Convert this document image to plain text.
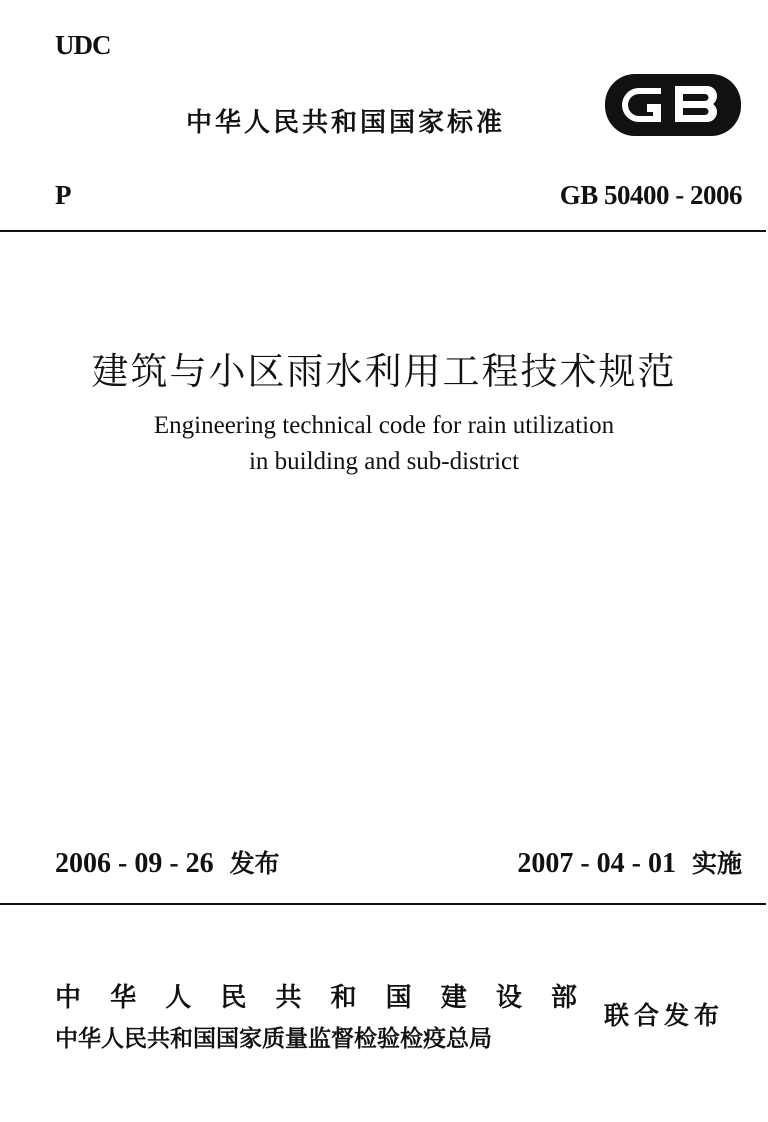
UDC
中华人民共和国国家标准
P	GB 50400 - 2006
建筑与小区雨水利用工程技术规范
Engineering technical code for rain utilization
in building and sub-district
2006 - 09 - 26 发布	2007 - 04 - 01 实施
中 华 人 民 共 和 国 建 设 部
中华人民共和国国家质量监督检验检疫总局
联合发布
